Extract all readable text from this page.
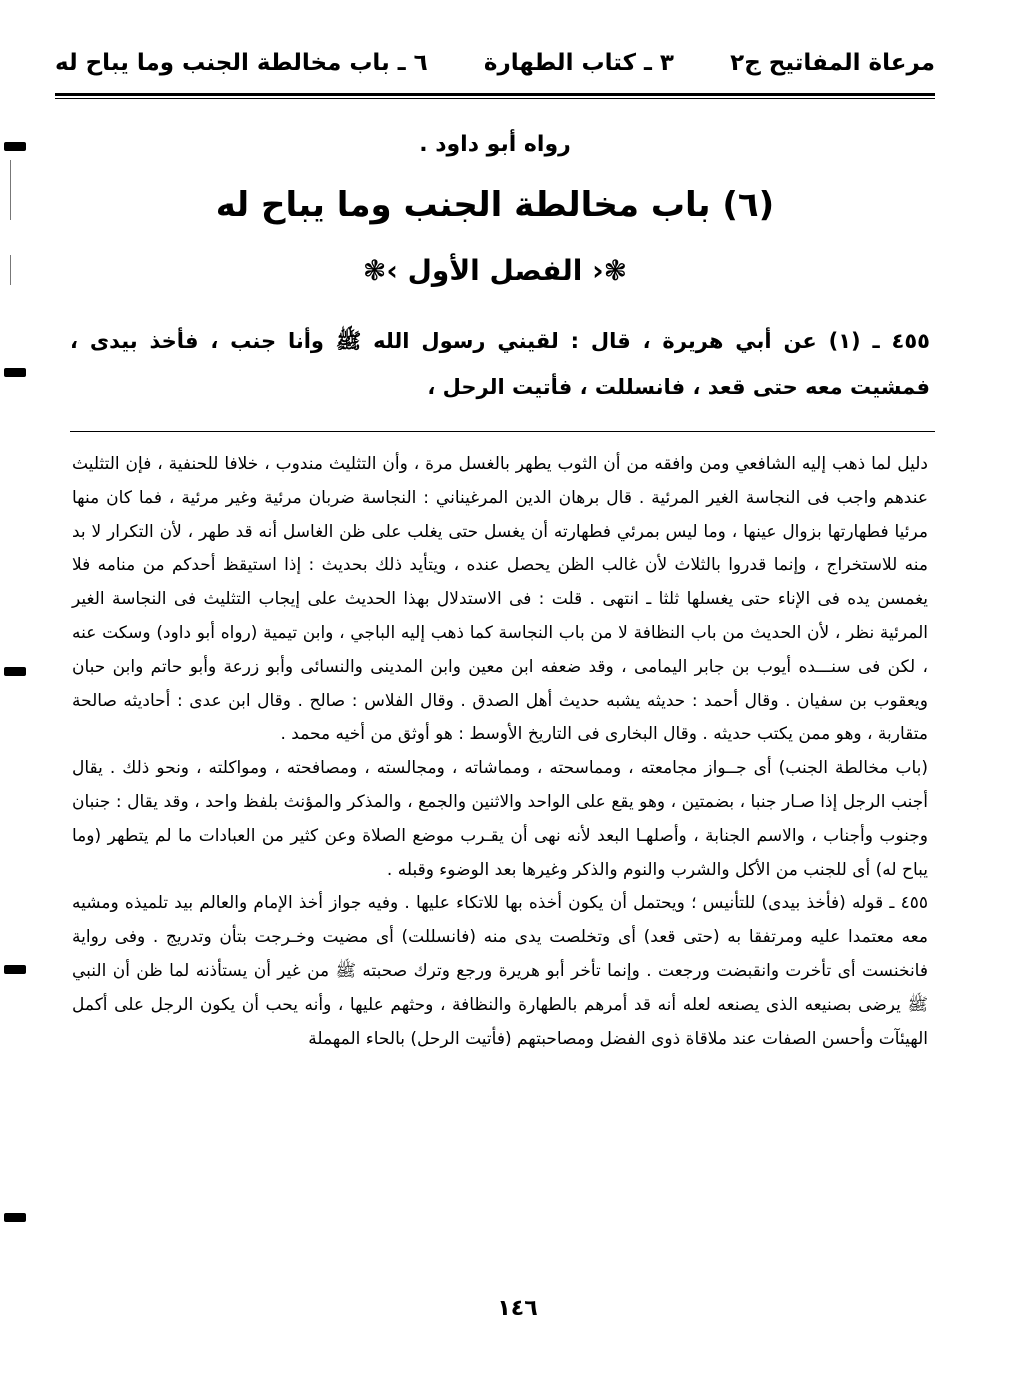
مرعاة المفاتيح ج٢
٣ ـ كتاب الطهارة
٦ ـ باب مخالطة الجنب وما يباح له
رواه أبو داود .
(٦) باب مخالطة الجنب وما يباح له
❃‹ الفصل الأول ›❃
٤٥٥ ـ (١) عن أبي هريرة ، قال : لقيني رسول الله ﷺ وأنا جنب ، فأخذ بيدى ، فمشيت معه حتى قعد ، فانسللت ، فأتيت الرحل ،

دليل لما ذهب إليه الشافعي ومن وافقه من أن الثوب يطهر بالغسل مرة ، وأن التثليث مندوب ، خلافا للحنفية ، فإن التثليث عندهم واجب فى النجاسة الغير المرئية . قال برهان الدين المرغيناني : النجاسة ضربان مرئية وغير مرئية ، فما كان منها مرئيا فطهارتها بزوال عينها ، وما ليس بمرئي فطهارته أن يغسل حتى يغلب على ظن الغاسل أنه قد طهر ، لأن التكرار لا بد منه للاستخراج ، وإنما قدروا بالثلاث لأن غالب الظن يحصل عنده ، ويتأيد ذلك بحديث : إذا استيقظ أحدكم من منامه فلا يغمسن يده فى الإناء حتى يغسلها ثلثا ـ انتهى . قلت : فى الاستدلال بهذا الحديث على إيجاب التثليث فى النجاسة الغير المرئية نظر ، لأن الحديث من باب النظافة لا من باب النجاسة كما ذهب إليه الباجي ، وابن تيمية (رواه أبو داود) وسكت عنه ، لكن فى سنـــده أيوب بن جابر اليمامى ، وقد ضعفه ابن معين وابن المدينى والنسائى وأبو زرعة وأبو حاتم وابن حبان ويعقوب بن سفيان . وقال أحمد : حديثه يشبه حديث أهل الصدق . وقال الفلاس : صالح . وقال ابن عدى : أحاديثه صالحة متقاربة ، وهو ممن يكتب حديثه . وقال البخارى فى التاريخ الأوسط : هو أوثق من أخيه محمد .

(باب مخالطة الجنب) أى جــواز مجامعته ، ومماسحته ، ومماشاته ، ومجالسته ، ومصافحته ، ومواكلته ، ونحو ذلك . يقال أجنب الرجل إذا صـار جنبا ، بضمتين ، وهو يقع على الواحد والاثنين والجمع ، والمذكر والمؤنث بلفظ واحد ، وقد يقال : جنبان وجنوب وأجناب ، والاسم الجنابة ، وأصلهـا البعد لأنه نهى أن يقـرب موضع الصلاة وعن كثير من العبادات ما لم يتطهر (وما يباح له) أى للجنب من الأكل والشرب والنوم والذكر وغيرها بعد الوضوء وقبله .

٤٥٥ ـ قوله (فأخذ بيدى) للتأنيس ؛ ويحتمل أن يكون أخذه بها للاتكاء عليها . وفيه جواز أخذ الإمام والعالم بيد تلميذه ومشيه معه معتمدا عليه ومرتفقا به (حتى قعد) أى وتخلصت يدى منه (فانسللت) أى مضيت وخـرجت بتأن وتدريج . وفى رواية فانخنست أى تأخرت وانقبضت ورجعت . وإنما تأخر أبو هريرة ورجع وترك صحبته ﷺ من غير أن يستأذنه لما ظن أن النبي ﷺ يرضى بصنيعه الذى يصنعه لعله أنه قد أمرهم بالطهارة والنظافة ، وحثهم عليها ، وأنه يحب أن يكون الرجل على أكمل الهيئآت وأحسن الصفات عند ملاقاة ذوى الفضل ومصاحبتهم (فأتيت الرحل) بالحاء المهملة

١٤٦
